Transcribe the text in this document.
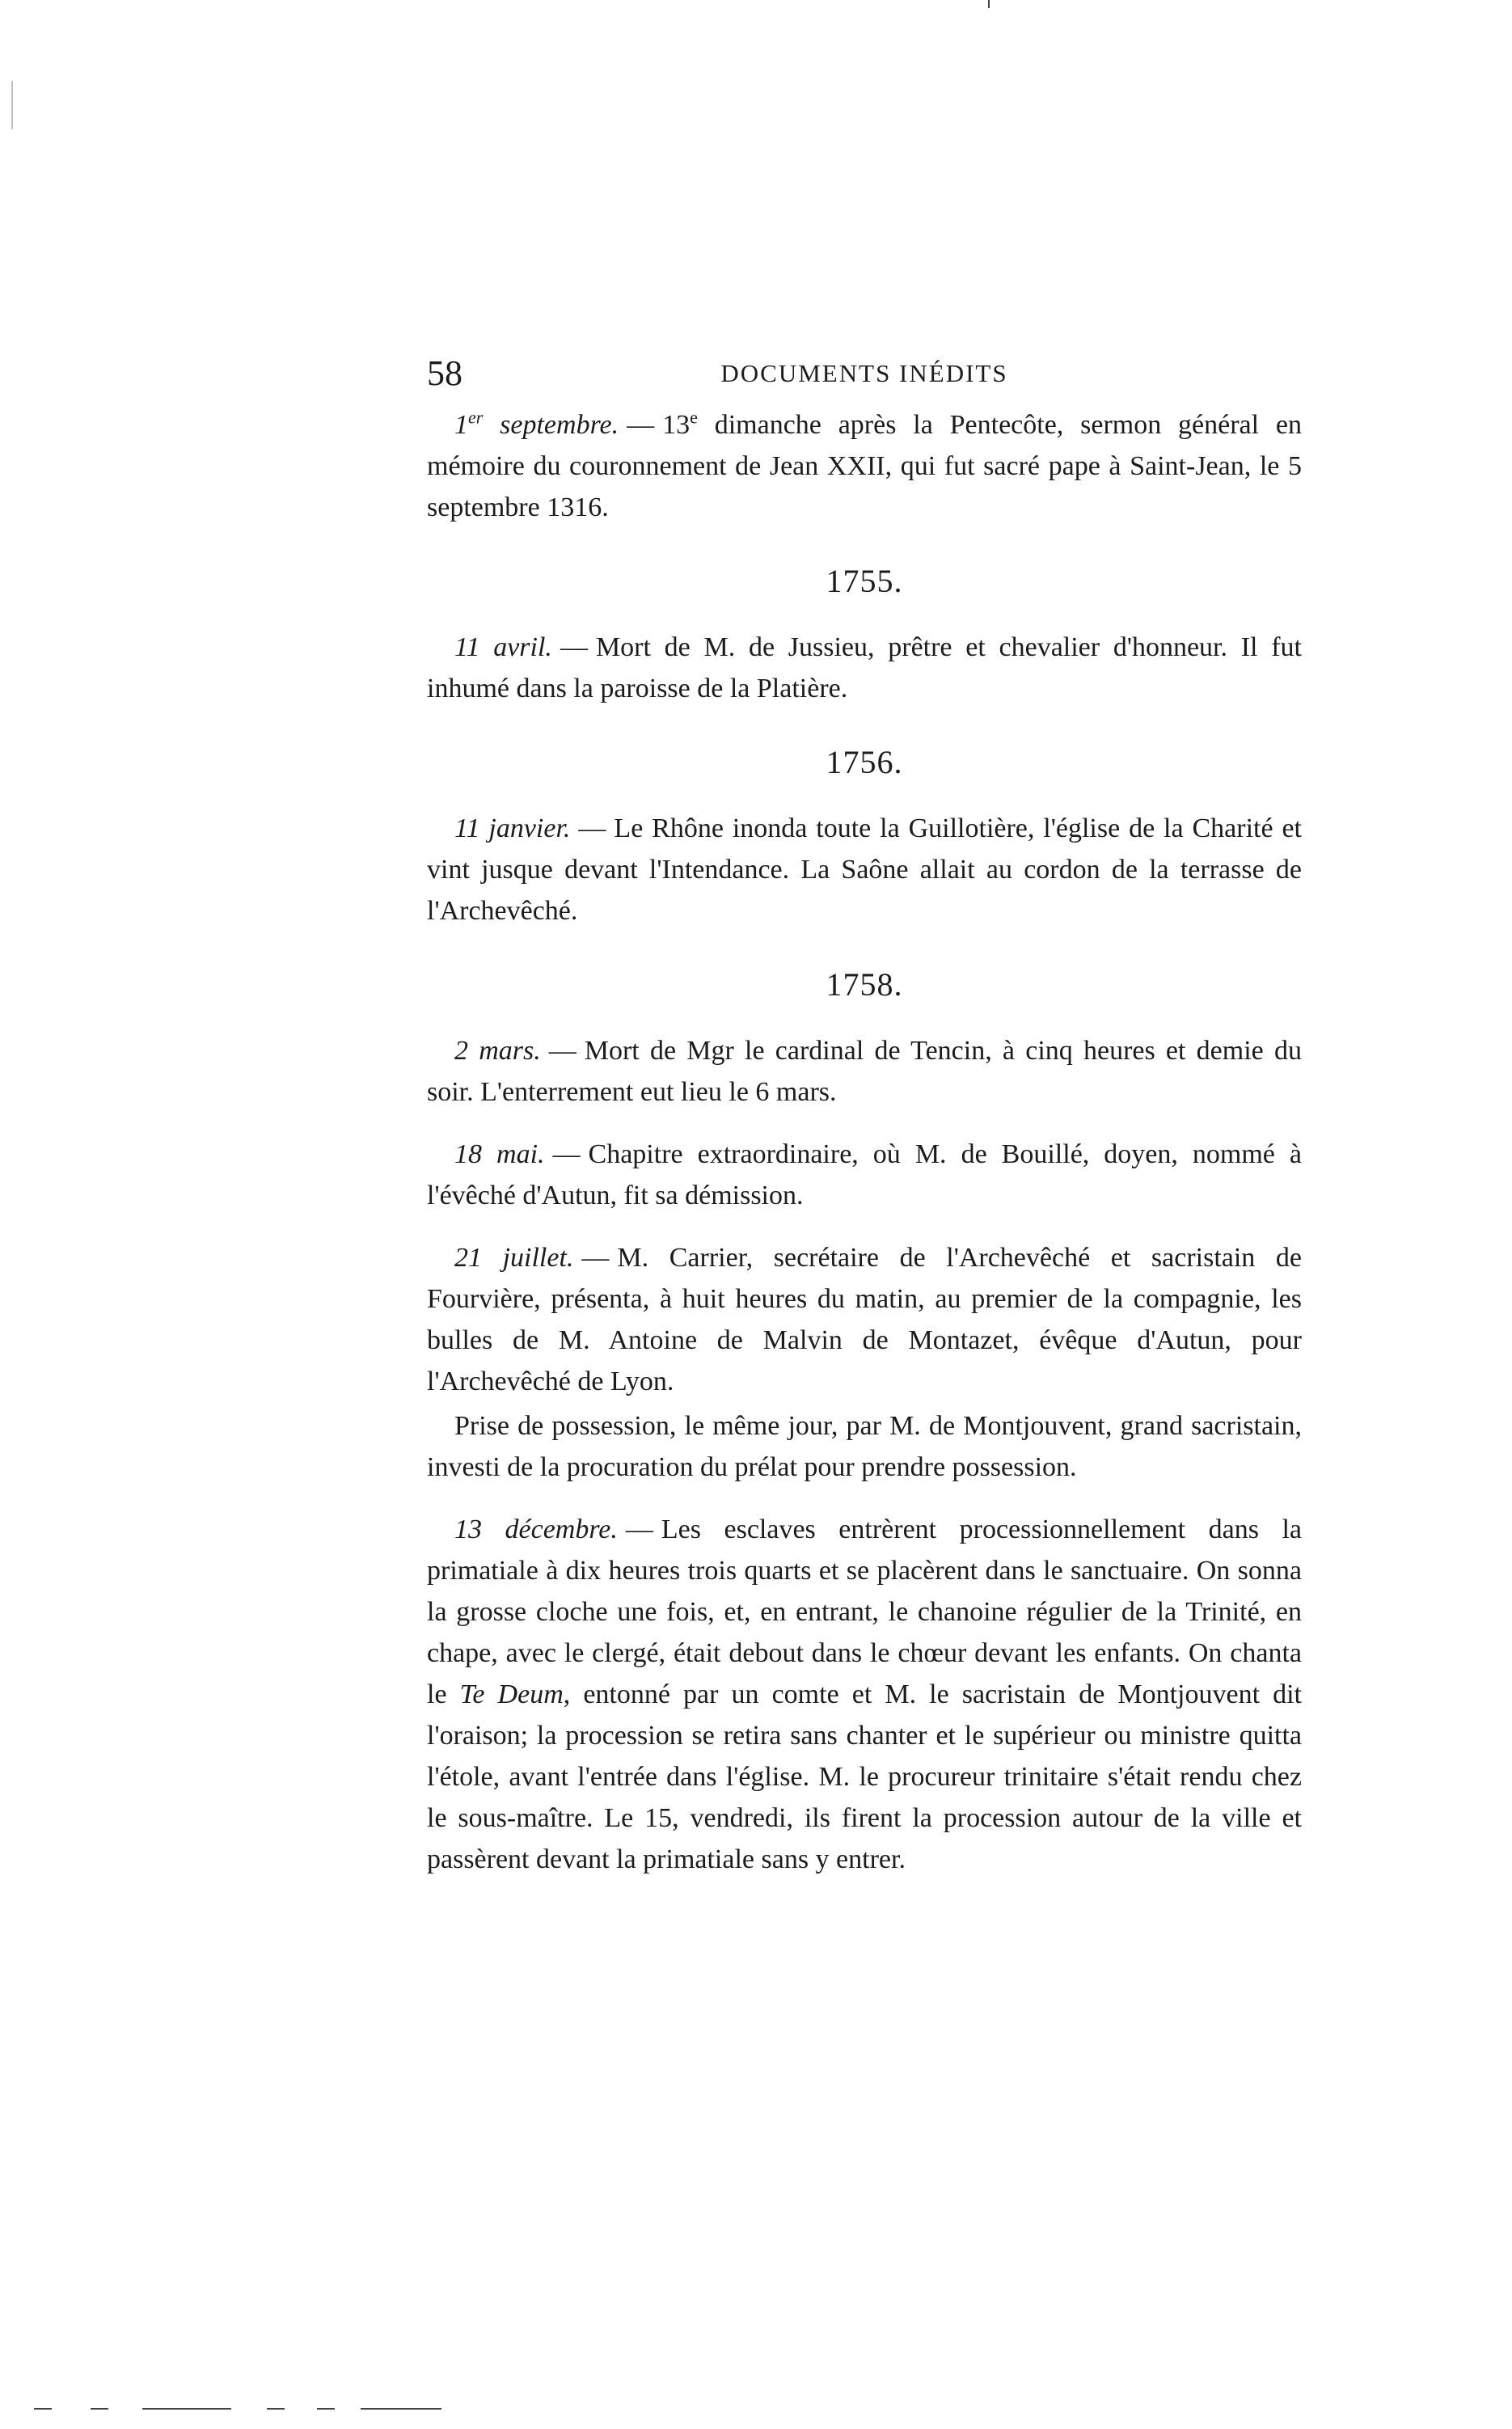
58	DOCUMENTS INÉDITS

1er septembre. — 13e dimanche après la Pentecôte, sermon général en mémoire du couronnement de Jean XXII, qui fut sacré pape à Saint-Jean, le 5 septembre 1316.

1755.

11 avril. — Mort de M. de Jussieu, prêtre et chevalier d'honneur. Il fut inhumé dans la paroisse de la Platière.

1756.

11 janvier. — Le Rhône inonda toute la Guillotière, l'église de la Charité et vint jusque devant l'Intendance. La Saône allait au cordon de la terrasse de l'Archevêché.

1758.

2 mars. — Mort de Mgr le cardinal de Tencin, à cinq heures et demie du soir. L'enterrement eut lieu le 6 mars.

18 mai. — Chapitre extraordinaire, où M. de Bouillé, doyen, nommé à l'évêché d'Autun, fit sa démission.

21 juillet. — M. Carrier, secrétaire de l'Archevêché et sacristain de Fourvière, présenta, à huit heures du matin, au premier de la compagnie, les bulles de M. Antoine de Malvin de Montazet, évêque d'Autun, pour l'Archevêché de Lyon.

Prise de possession, le même jour, par M. de Montjouvent, grand sacristain, investi de la procuration du prélat pour prendre possession.

13 décembre. — Les esclaves entrèrent processionnellement dans la primatiale à dix heures trois quarts et se placèrent dans le sanctuaire. On sonna la grosse cloche une fois, et, en entrant, le chanoine régulier de la Trinité, en chape, avec le clergé, était debout dans le chœur devant les enfants. On chanta le Te Deum, entonné par un comte et M. le sacristain de Montjouvent dit l'oraison; la procession se retira sans chanter et le supérieur ou ministre quitta l'étole, avant l'entrée dans l'église. M. le procureur trinitaire s'était rendu chez le sous-maître. Le 15, vendredi, ils firent la procession autour de la ville et passèrent devant la primatiale sans y entrer.
